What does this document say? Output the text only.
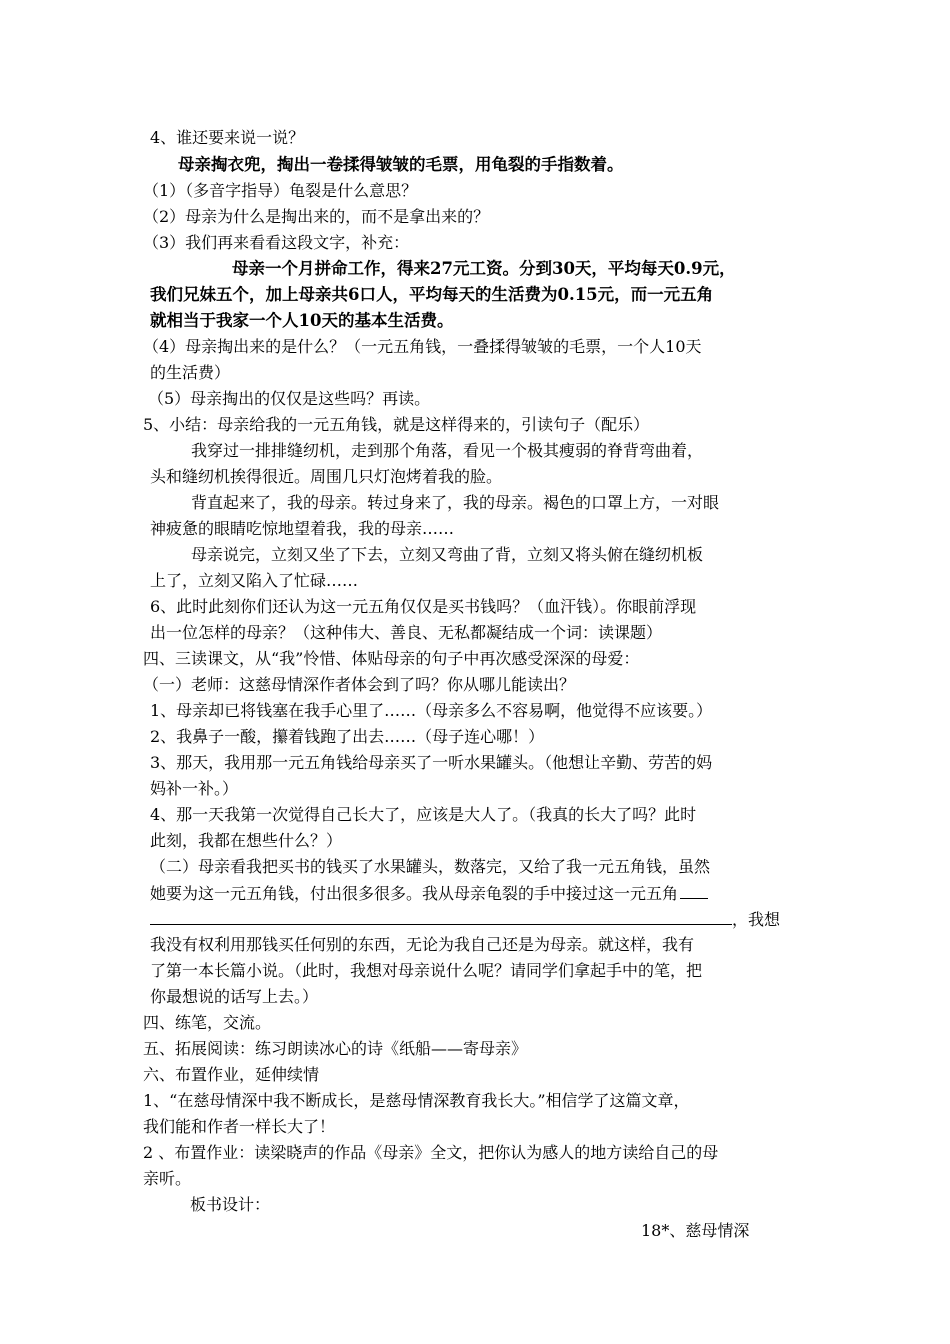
4、谁还要来说一说？
母亲掏衣兜，掏出一卷揉得皱皱的毛票，用龟裂的手指数着。
（1）（多音字指导）龟裂是什么意思？
（2）母亲为什么是掏出来的，而不是拿出来的？
（3）我们再来看看这段文字，补充：
母亲一个月拼命工作，得来27元工资。分到30天，平均每天0.9元，
我们兄妹五个，加上母亲共6口人，平均每天的生活费为0.15元，而一元五角
就相当于我家一个人10天的基本生活费。
（4）母亲掏出来的是什么？（一元五角钱，一叠揉得皱皱的毛票，一个人10天
的生活费）
（5）母亲掏出的仅仅是这些吗？再读。
5、小结：母亲给我的一元五角钱，就是这样得来的，引读句子（配乐）
我穿过一排排缝纫机，走到那个角落，看见一个极其瘦弱的脊背弯曲着，
头和缝纫机挨得很近。周围几只灯泡烤着我的脸。
背直起来了，我的母亲。转过身来了，我的母亲。褐色的口罩上方，一对眼
神疲惫的眼睛吃惊地望着我，我的母亲……
母亲说完，立刻又坐了下去，立刻又弯曲了背，立刻又将头俯在缝纫机板
上了，立刻又陷入了忙碌……
6、此时此刻你们还认为这一元五角仅仅是买书钱吗？（血汗钱）。你眼前浮现
出一位怎样的母亲？（这种伟大、善良、无私都凝结成一个词：读课题）
四、三读课文，从“我”怜惜、体贴母亲的句子中再次感受深深的母爱：
（一）老师：这慈母情深作者体会到了吗？你从哪儿能读出？
1、母亲却已将钱塞在我手心里了……（母亲多么不容易啊，他觉得不应该要。）
2、我鼻子一酸，攥着钱跑了出去……（母子连心哪！）
3、那天，我用那一元五角钱给母亲买了一听水果罐头。（他想让辛勤、劳苦的妈
妈补一补。）
4、那一天我第一次觉得自己长大了，应该是大人了。（我真的长大了吗？此时
此刻，我都在想些什么？）
（二）母亲看我把买书的钱买了水果罐头，数落完，又给了我一元五角钱，虽然
她要为这一元五角钱，付出很多很多。我从母亲龟裂的手中接过这一元五角
，我想
我没有权利用那钱买任何别的东西，无论为我自己还是为母亲。就这样，我有
了第一本长篇小说。（此时，我想对母亲说什么呢？请同学们拿起手中的笔，把
你最想说的话写上去。）
四、练笔，交流。
五、拓展阅读：练习朗读冰心的诗《纸船——寄母亲》
六、布置作业，延伸续情
1、“在慈母情深中我不断成长，是慈母情深教育我长大。”相信学了这篇文章，
我们能和作者一样长大了！
2 、布置作业：读梁晓声的作品《母亲》全文，把你认为感人的地方读给自己的母
亲听。
板书设计：
18*、慈母情深
